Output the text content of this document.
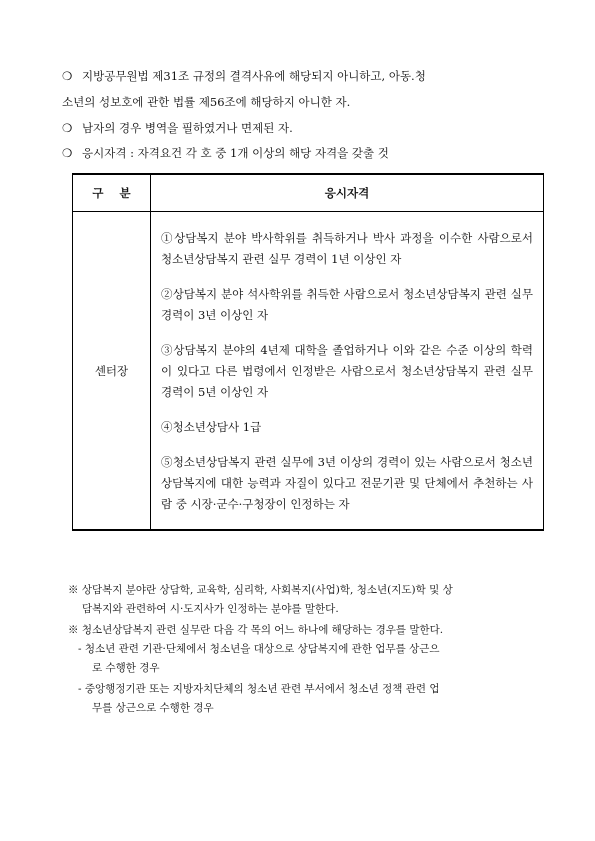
❍ 지방공무원법 제31조 규정의 결격사유에 해당되지 아니하고, 아동.청
소년의 성보호에 관한 법률 제56조에 해당하지 아니한 자.
❍ 남자의 경우 병역을 필하였거나 면제된 자.
❍ 응시자격 : 자격요건 각 호 중 1개 이상의 해당 자격을 갖출 것
구    분	응시자격
센터장	①상담복지 분야 박사학위를 취득하거나 박사 과정을 이수한 사람으로서 청소년상담복지 관련 실무 경력이 1년 이상인 자
②상담복지 분야 석사학위를 취득한 사람으로서 청소년상담복지 관련 실무 경력이 3년 이상인 자
③상담복지 분야의 4년제 대학을 졸업하거나 이와 같은 수준 이상의 학력이 있다고 다른 법령에서 인정받은 사람으로서 청소년상담복지 관련 실무 경력이 5년 이상인 자
④청소년상담사 1급
⑤청소년상담복지 관련 실무에 3년 이상의 경력이 있는 사람으로서 청소년상담복지에 대한 능력과 자질이 있다고 전문기관 및 단체에서 추천하는 사람 중 시장·군수·구청장이 인정하는 자
※ 상담복지 분야란 상담학, 교육학, 심리학, 사회복지(사업)학, 청소년(지도)학 및 상
담복지와 관련하여 시·도지사가 인정하는 분야를 말한다.
※ 청소년상담복지 관련 실무란 다음 각 목의 어느 하나에 해당하는 경우를 말한다.
- 청소년 관련 기관·단체에서 청소년을 대상으로 상담복지에 관한 업무를 상근으
로 수행한 경우
- 중앙행정기관 또는 지방자치단체의 청소년 관련 부서에서 청소년 정책 관련 업
무를 상근으로 수행한 경우
